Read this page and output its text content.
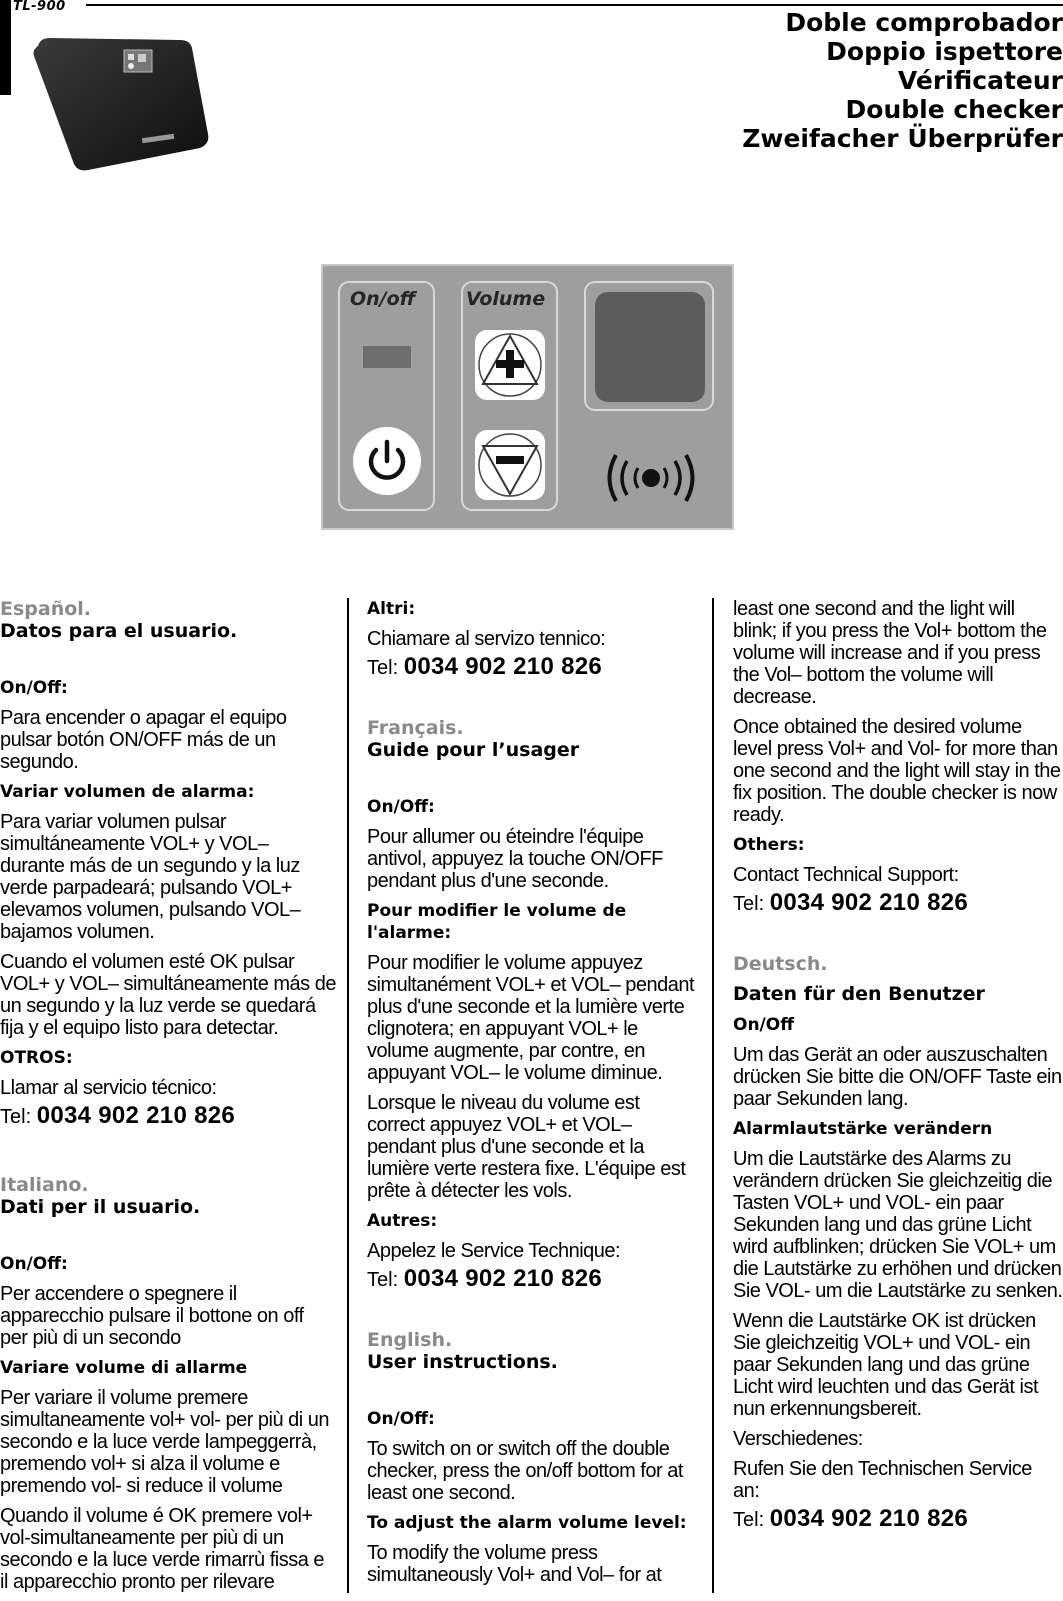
TL-900
Doble comprobador
Doppio ispettore
Vérificateur
Double checker
Zweifacher Überprüfer
On/off	Volume
Español.
Datos para el usuario.
On/Off:
Para encender o apagar el equipo pulsar botón ON/OFF más de un segundo.
Variar volumen de alarma:
Para variar volumen pulsar simultáneamente VOL+ y VOL– durante más de un segundo y la luz verde parpadeará; pulsando VOL+ elevamos volumen, pulsando VOL– bajamos volumen.
Cuando el volumen esté OK pulsar VOL+ y VOL– simultáneamente más de un segundo y la luz verde se quedará fija y el equipo listo para detectar.
OTROS:
Llamar al servicio técnico:
Tel: 0034 902 210 826
Italiano.
Dati per il usuario.
On/Off:
Per accendere o spegnere il apparecchio pulsare il bottone on off per più di un secondo
Variare volume di allarme
Per variare il volume premere simultaneamente vol+ vol- per più di un secondo e la luce verde lampeggerrà, premendo vol+ si alza il volume e premendo vol- si reduce il volume
Quando il volume é OK premere vol+ vol-simultaneamente per più di un secondo e la luce verde rimarrù fissa e il apparecchio pronto per rilevare
Altri:
Chiamare al servizo tennico:
Tel: 0034 902 210 826
Français.
Guide pour l’usager
On/Off:
Pour allumer ou éteindre l'équipe antivol, appuyez la touche ON/OFF pendant plus d'une seconde.
Pour modifier le volume de l'alarme:
Pour modifier le volume appuyez simultanément VOL+ et VOL– pendant plus d'une seconde et la lumière verte clignotera; en appuyant VOL+ le volume augmente, par contre, en appuyant VOL– le volume diminue.
Lorsque le niveau du volume est correct appuyez VOL+ et VOL– pendant plus d'une seconde et la lumière verte restera fixe. L'équipe est prête à détecter les vols.
Autres:
Appelez le Service Technique:
Tel: 0034 902 210 826
English.
User instructions.
On/Off:
To switch on or switch off the double checker, press the on/off bottom for at least one second.
To adjust the alarm volume level:
To modify the volume press simultaneously Vol+ and Vol– for at
least one second and the light will blink; if you press the Vol+ bottom the volume will increase and if you press the Vol– bottom the volume will decrease.
Once obtained the desired volume level press Vol+ and Vol- for more than one second and the light will stay in the fix position. The double checker is now ready.
Others:
Contact Technical Support:
Tel: 0034 902 210 826
Deutsch.
Daten für den Benutzer
On/Off
Um das Gerät an oder auszuschalten drücken Sie bitte die ON/OFF Taste ein paar Sekunden lang.
Alarmlautstärke verändern
Um die Lautstärke des Alarms zu verändern drücken Sie gleichzeitig die Tasten VOL+ und VOL- ein paar Sekunden lang und das grüne Licht wird aufblinken; drücken Sie VOL+ um die Lautstärke zu erhöhen und drücken Sie VOL- um die Lautstärke zu senken.
Wenn die Lautstärke OK ist drücken Sie gleichzeitig VOL+ und VOL- ein paar Sekunden lang und das grüne Licht wird leuchten und das Gerät ist nun erkennungsbereit.
Verschiedenes:
Rufen Sie den Technischen Service an:
Tel: 0034 902 210 826
